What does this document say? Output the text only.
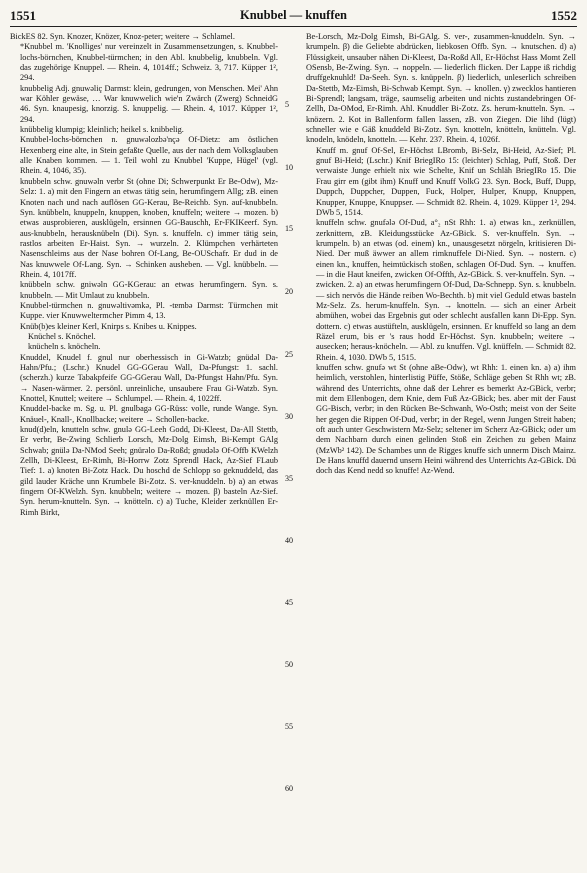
1551	Knubbel — knuffen	1552

BickES 82. Syn. Knozer, Knözer, Knoz-peter; weitere → Schlamel.

*Knubbel m. 'Knolliges' nur vereinzelt in Zusammensetzungen, s. Knubbel-lochs-börnchen, Knubbel-türmchen; in den Abl. knubbelig, knubbeln. Vgl. das zugehörige Knuppel. — Rhein. 4, 1014ff.; Schweiz. 3, 717. Küpper 1², 294.

knubbelig Adj. gnuwəliç Darmst: klein, gedrungen, von Menschen. Mei' Ahn war Köhler gewäse, … War knuwwelich wie'n Zwärch (Zwerg) SchneidG 46. Syn. knaupesig, knorzig. S. knuppelig. — Rhein. 4, 1017. Küpper 1², 294.

knübbelig klumpig; kleinlich; heikel s. knibbelig.

Knubbel-lochs-börnchen n. gnuwəlozbə'nçə Of-Dietz: am östlichen Hexenberg eine alte, in Stein gefaßte Quelle, aus der nach dem Volksglauben alle Knaben kommen. — 1. Teil wohl zu Knubbel 'Kuppe, Hügel' (vgl. Rhein. 4, 1046, 35).

knubbeln schw. gnuwəln verbr St (ohne Di; Schwerpunkt Er Be-Odw), Mz-Selz: 1. a) mit den Fingern an etwas tätig sein, herumfingern Allg; zB. einen Knoten nach und nach auflösen GG-Kerau, Be-Reichb. Syn. auf-knubbeln. Syn. knübbeln, knuppeln, knuppen, knoben, knuffeln; weitere → mozen. b) etwas ausprobieren, ausklügeln, ersinnen GG-Bauschh, Er-FKIKeerf. Syn. aus-knubbeln, herausknübeln (Di). Syn. s. knuffeln. c) immer tätig sein, rastlos arbeiten Er-Haist. Syn. → wurzeln. 2. Klümpchen verhärteten Nasenschleims aus der Nase bohren Of-Lang, Be-OUSchafr. Er dud in de Nas knuwwele Of-Lang. Syn. → Schinken ausheben. — Vgl. knübbeln. — Rhein. 4, 1017ff.

knübbeln schw. gniwəln GG-KGerau: an etwas herumfingern. Syn. s. knubbeln. — Mit Umlaut zu knubbeln.

Knubbel-türmchen n. gnuwəltivəmkə, Pl. -tɐmbə Darmst: Türmchen mit Kuppe. vier Knuwweltermcher Pimm 4, 13.

Knüb(b)es kleiner Kerl, Knirps s. Knibes u. Knippes.

Knüchel s. Knöchel.

knücheln s. knöcheln.

Knuddel, Knudel f. gnul nur oberhessisch in Gi-Watzb; gnüdəl Da-Hahn/Pfu.; (Lschr.) Knudel GG-GGerau Wall, Da-Pfungst: 1. sachl. (scherzh.) kurze Tabakpfeife GG-GGerau Wall, Da-Pfungst Hahn/Pfu. Syn. → Nasen-wärmer. 2. persönl. unreinliche, unsaubere Frau Gi-Watzb. Syn. Knottel, Knuttel; weitere → Schlumpel. — Rhein. 4, 1022ff.

Knuddel-backe m. Sg. u. Pl. gnulbagə GG-Rüss: volle, runde Wange. Syn. Knäuel-, Knall-, Knollbacke; weitere → Schollen-backe.

knud(d)eln, knutteln schw. gnulə GG-Leeh Godd, Di-Kleest, Da-All Stettb, Er verbr, Be-Zwing Schlierb Lorsch, Mz-Dolg Eimsh, Bi-Kempt GAlg Schwab; gnülə Da-NMod Seeh; gnürəlo Da-Roßd; gnudələ Of-Offb KWelzh Zellh, Di-Kleest, Er-Rimh, Bi-Horrw Zotz Sprendl Hack, Az-Sief FLaub Tief: 1. a) knoten Bi-Zotz Hack. Du hoschd de Schlopp so geknuddeld, das gild lauder Kräche unn Krumbele Bi-Zotz. S. ver-knuddeln. b) a) an etwas fingern Of-KWelzh. Syn. knubbeln; weitere → mozen. β) basteln Az-Sief. Syn. herum-knutteln. Syn. → knötteln. c) a) Tuche, Kleider zerknüllen Er-Rimh Birkt,

5
10
15
20
25
30
35
40
45
50
55
60

Be-Lorsch, Mz-Dolg Eimsh, Bi-GAlg. S. ver-, zusammen-knuddeln. Syn. → krumpeln. β) die Geliebte abdrücken, liebkosen Offb. Syn. → knutschen. d) a) Flüssigkeit, unsauber nähen Di-Kleest, Da-Roßd All, Er-Höchst Hass Momt Zell OSensb, Be-Zwing. Syn. → noppeln. — liederlich flicken. Der Lappe iß richdig druffgeknuhld! Da-Seeh. Syn. s. knüppeln. β) liederlich, unleserlich schreiben Da-Stettb, Mz-Eimsh, Bi-Schwab Kempt. Syn. → knollen. γ) zwecklos hantieren Bi-Sprendl; langsam, träge, saumselig arbeiten und nichts zustandebringen Of-Zellh, Da-OMod, Er-Rimh. Ahl. Knuddler Bi-Zotz. Zs. herum-knutteln. Syn. → knözern. 2. Kot in Ballenform fallen lassen, zB. von Ziegen. Die lihd (lügt) schneller wie e Gäß knuddeld Bi-Zotz. Syn. knotteln, knötteln, knütteln. Vgl. knodeln, knödeln, knotteln. — Kehr. 237. Rhein. 4, 1026f.

Knuff m. gnuf Of-Sel, Er-Höchst LBromb, Bi-Selz, Bi-Heid, Az-Sief; Pl. gnuf Bi-Heid; (Lschr.) Knif BriegIRo 15: (leichter) Schlag, Puff, Stoß. Der verwaiste Junge erhielt nix wie Schelte, Knif un Schläh BriegIRo 15. Die Frau girr em (gibt ihm) Knuff und Knuff VolkG 23. Syn. Bock, Buff, Dupp, Duppch, Duppcher, Duppen, Fuck, Holper, Hulper, Knupp, Knuppen, Knupper, Knuppe, Knuppser. — Schmidt 82. Rhein. 4, 1029. Küpper 1², 294. DWb 5, 1514.

knuffeln schw. gnufələ Of-Dud, a°₂ nSt Rhh: 1. a) etwas kn., zerknüllen, zerknittern, zB. Kleidungsstücke Az-GBick. S. ver-knuffeln. Syn. → krumpeln. b) an etwas (od. einem) kn., unausgesetzt nörgeln, kritisieren Di-Nied. Der muß äwwer an allem rimknuffele Di-Nied. Syn. → nostern. c) einen kn., knuffen, heimtückisch stoßen, schlagen Of-Dud. Syn. → knuffen. — in die Haut kneifen, zwicken Of-Offth, Az-GBick. S. ver-knuffeln. Syn. → zwicken. 2. a) an etwas herumfingern Of-Dud, Da-Schnepp. Syn. s. knubbeln. — sich nervös die Hände reiben Wo-Bechth. b) mit viel Geduld etwas basteln Mz-Selz. Zs. herum-knuffeln. Syn. → knotteln. — sich an einer Arbeit abmühen, wobei das Ergebnis gut oder schlecht ausfallen kann Di-Epp. Syn. dottern. c) etwas austüfteln, ausklügeln, ersinnen. Er knuffeld so lang an dem Räzel erum, bis er 's raus hodd Er-Höchst. Syn. knubbeln; weitere → ausecken; heraus-knöcheln. — Abl. zu knuffen. Vgl. knüffeln. — Schmidt 82. Rhein. 4, 1030. DWb 5, 1515.

knuffen schw. gnufə wt St (ohne aBe-Odw), wt Rhh: 1. einen kn. a) a) ihm heimlich, verstohlen, hinterlistig Püffe, Stöße, Schläge geben St Rhh wt; zB. während des Unterrichts, ohne daß der Lehrer es bemerkt Az-GBick, verbr; mit dem Ellenbogen, dem Knie, dem Fuß Az-GBick; bes. aber mit der Faust GG-Bisch, verbr; in den Rücken Be-Schwanh, Wo-Osth; meist von der Seite her gegen die Rippen Of-Dud, verbr; in der Regel, wenn Jungen Streit haben; oft auch unter Geschwistern Mz-Selz; seltener im Scherz Az-GBick; oder um dem Nachbarn durch einen gelinden Stoß ein Zeichen zu geben Mainz (MzWb² 142). De Schambes unn de Rigges knuffe sich unnerm Disch Mainz. De Hans knuffd dauernd unsern Heini während des Unterrichts Az-GBick. Dü doch das Kend nedd so knuffe! Az-Wend.
